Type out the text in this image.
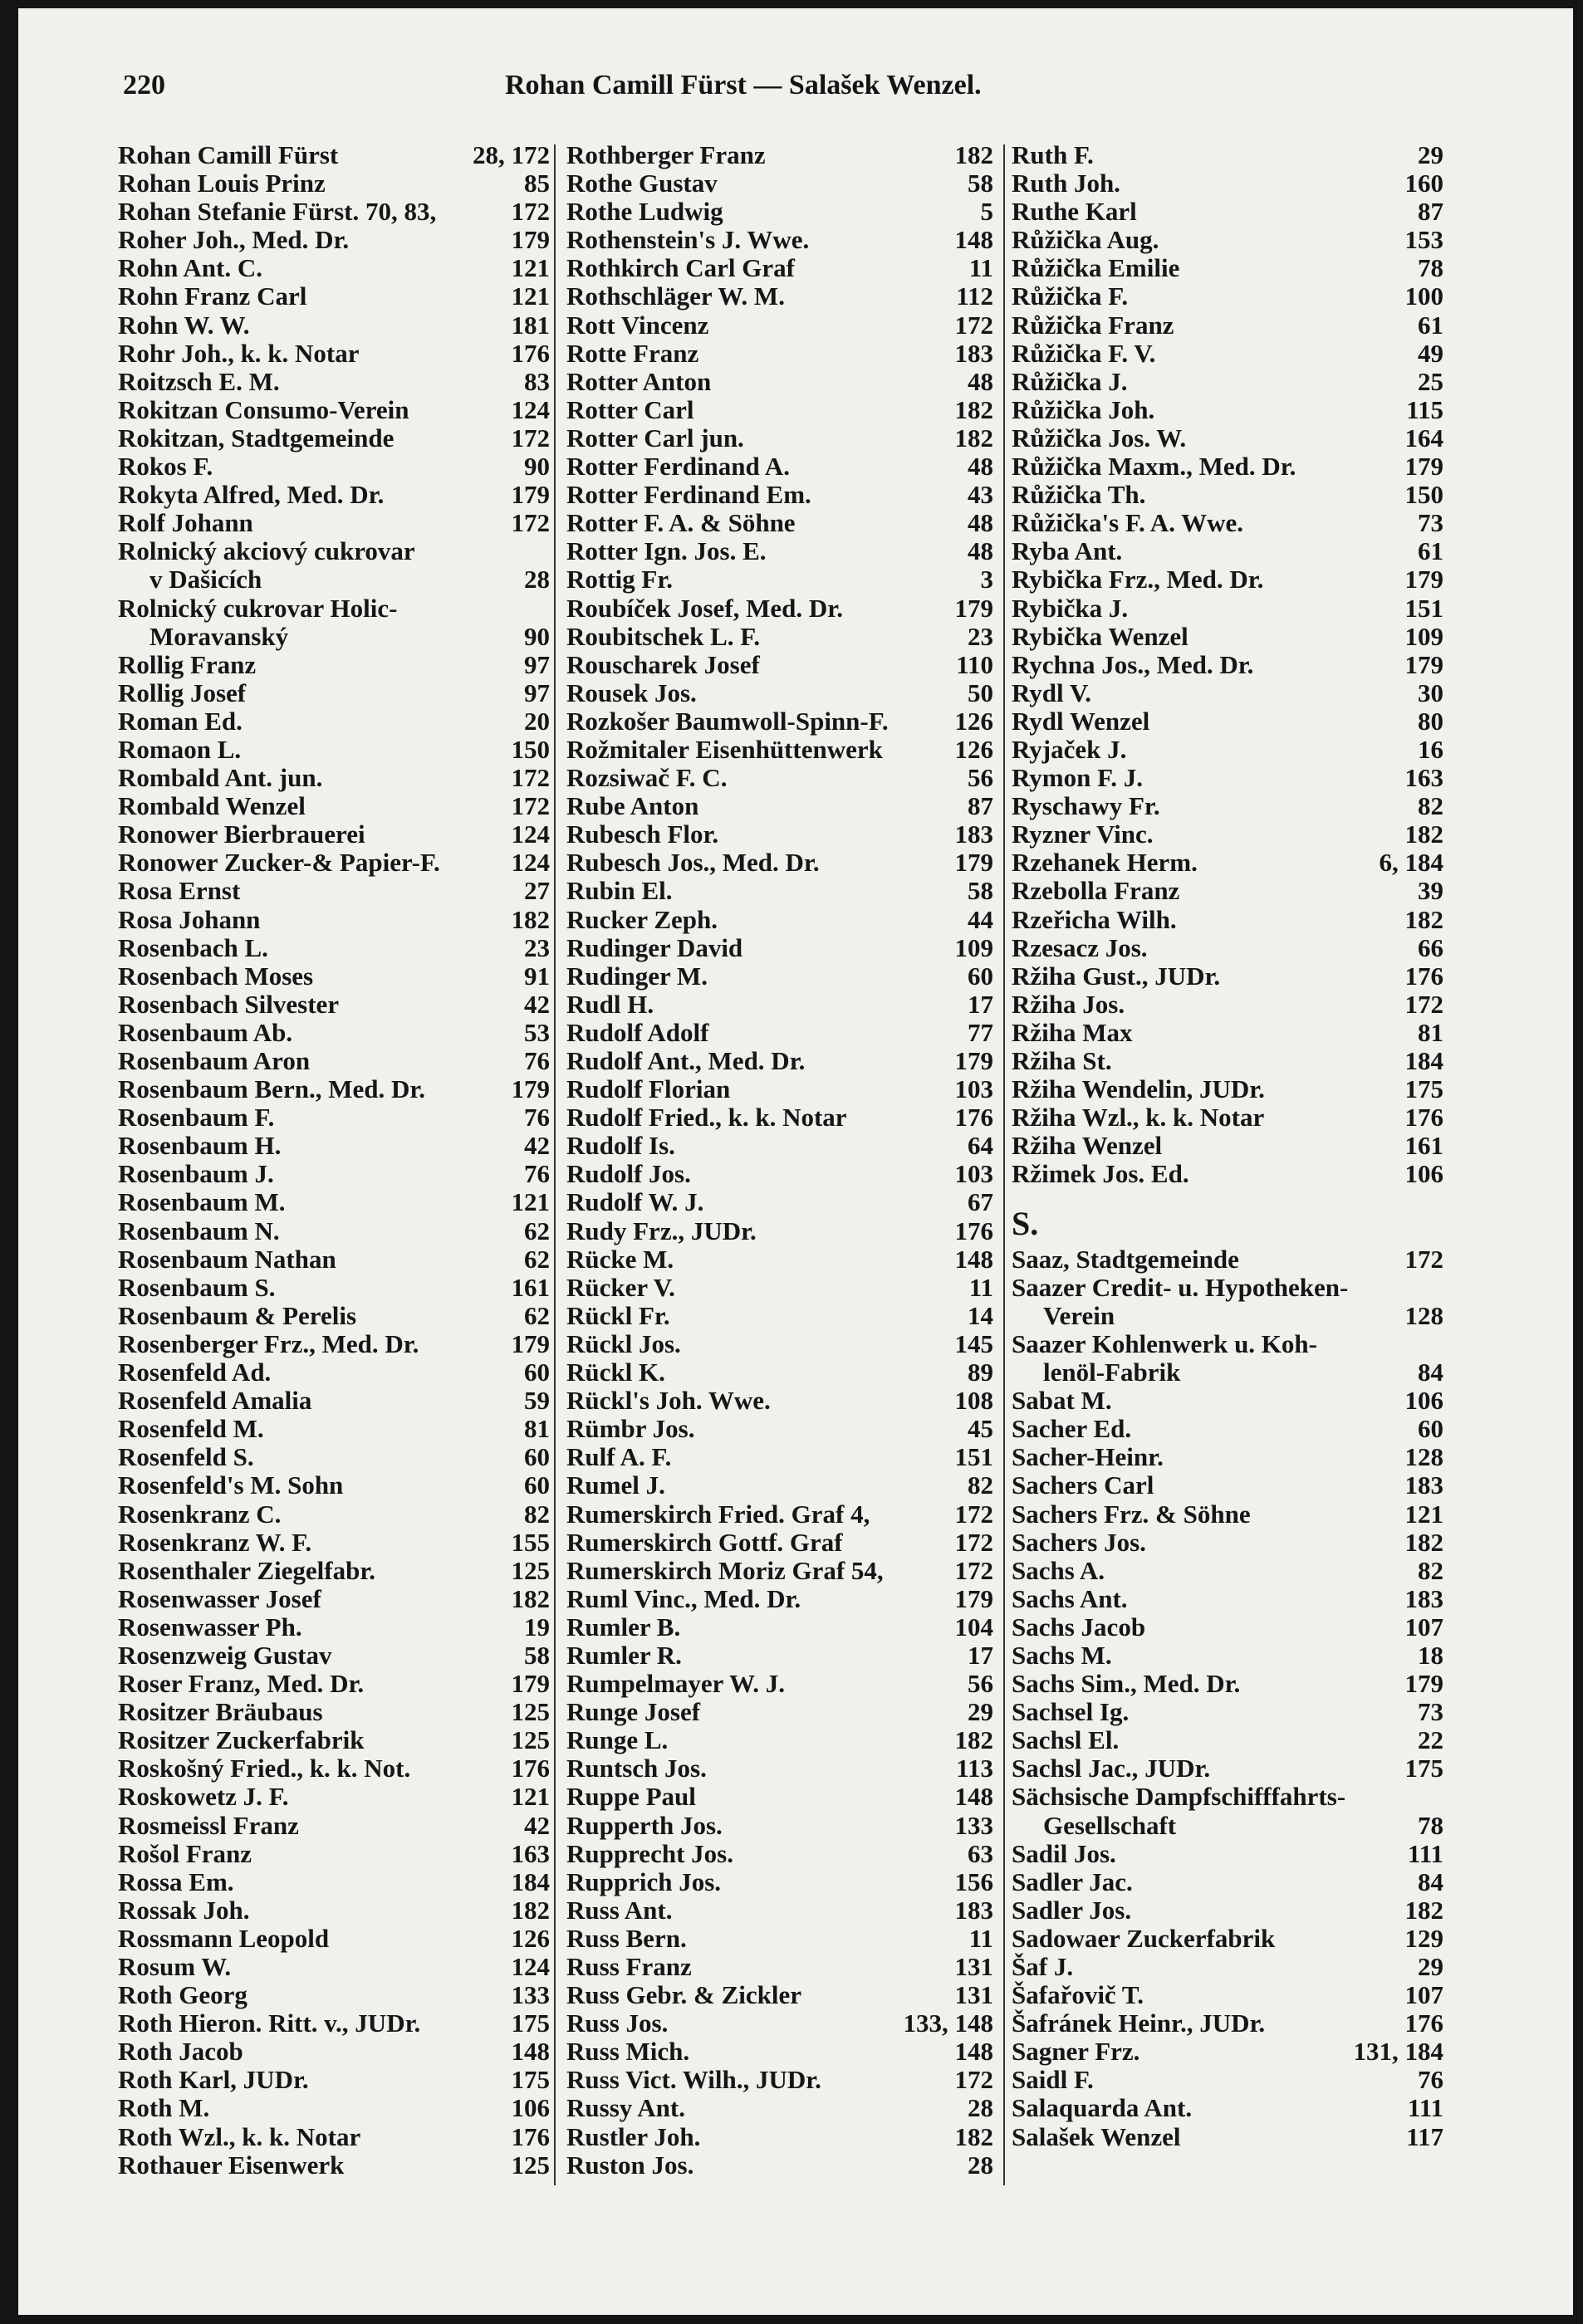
220	Rohan Camill Fürst — Salašek Wenzel.
Rohan Camill Fürst	28, 172
Rohan Louis Prinz	85
Rohan Stefanie Fürst. 70, 83,	172
Roher Joh., Med. Dr.	179
Rohn Ant. C.	121
Rohn Franz Carl	121
Rohn W. W.	181
Rohr Joh., k. k. Notar	176
Roitzsch E. M.	83
Rokitzan Consumo-Verein	124
Rokitzan, Stadtgemeinde	172
Rokos F.	90
Rokyta Alfred, Med. Dr.	179
Rolf Johann	172
Rolnický akciový cukrovar
v Dašicích	28
Rolnický cukrovar Holic-
Moravanský	90
Rollig Franz	97
Rollig Josef	97
Roman Ed.	20
Romaon L.	150
Rombald Ant. jun.	172
Rombald Wenzel	172
Ronower Bierbrauerei	124
Ronower Zucker-& Papier-F.	124
Rosa Ernst	27
Rosa Johann	182
Rosenbach L.	23
Rosenbach Moses	91
Rosenbach Silvester	42
Rosenbaum Ab.	53
Rosenbaum Aron	76
Rosenbaum Bern., Med. Dr.	179
Rosenbaum F.	76
Rosenbaum H.	42
Rosenbaum J.	76
Rosenbaum M.	121
Rosenbaum N.	62
Rosenbaum Nathan	62
Rosenbaum S.	161
Rosenbaum & Perelis	62
Rosenberger Frz., Med. Dr.	179
Rosenfeld Ad.	60
Rosenfeld Amalia	59
Rosenfeld M.	81
Rosenfeld S.	60
Rosenfeld's M. Sohn	60
Rosenkranz C.	82
Rosenkranz W. F.	155
Rosenthaler Ziegelfabr.	125
Rosenwasser Josef	182
Rosenwasser Ph.	19
Rosenzweig Gustav	58
Roser Franz, Med. Dr.	179
Rositzer Bräubaus	125
Rositzer Zuckerfabrik	125
Roskošný Fried., k. k. Not.	176
Roskowetz J. F.	121
Rosmeissl Franz	42
Rošol Franz	163
Rossa Em.	184
Rossak Joh.	182
Rossmann Leopold	126
Rosum W.	124
Roth Georg	133
Roth Hieron. Ritt. v., JUDr.	175
Roth Jacob	148
Roth Karl, JUDr.	175
Roth M.	106
Roth Wzl., k. k. Notar	176
Rothauer Eisenwerk	125
Rothberger Franz	182
Rothe Gustav	58
Rothe Ludwig	5
Rothenstein's J. Wwe.	148
Rothkirch Carl Graf	11
Rothschläger W. M.	112
Rott Vincenz	172
Rotte Franz	183
Rotter Anton	48
Rotter Carl	182
Rotter Carl jun.	182
Rotter Ferdinand A.	48
Rotter Ferdinand Em.	43
Rotter F. A. & Söhne	48
Rotter Ign. Jos. E.	48
Rottig Fr.	3
Roubíček Josef, Med. Dr.	179
Roubitschek L. F.	23
Rouscharek Josef	110
Rousek Jos.	50
Rozkošer Baumwoll-Spinn-F.	126
Rožmitaler Eisenhüttenwerk	126
Rozsiwač F. C.	56
Rube Anton	87
Rubesch Flor.	183
Rubesch Jos., Med. Dr.	179
Rubin El.	58
Rucker Zeph.	44
Rudinger David	109
Rudinger M.	60
Rudl H.	17
Rudolf Adolf	77
Rudolf Ant., Med. Dr.	179
Rudolf Florian	103
Rudolf Fried., k. k. Notar	176
Rudolf Is.	64
Rudolf Jos.	103
Rudolf W. J.	67
Rudy Frz., JUDr.	176
Rücke M.	148
Rücker V.	11
Rückl Fr.	14
Rückl Jos.	145
Rückl K.	89
Rückl's Joh. Wwe.	108
Rümbr Jos.	45
Rulf A. F.	151
Rumel J.	82
Rumerskirch Fried. Graf 4,	172
Rumerskirch Gottf. Graf	172
Rumerskirch Moriz Graf 54,	172
Ruml Vinc., Med. Dr.	179
Rumler B.	104
Rumler R.	17
Rumpelmayer W. J.	56
Runge Josef	29
Runge L.	182
Runtsch Jos.	113
Ruppe Paul	148
Rupperth Jos.	133
Rupprecht Jos.	63
Rupprich Jos.	156
Russ Ant.	183
Russ Bern.	11
Russ Franz	131
Russ Gebr. & Zickler	131
Russ Jos.	133, 148
Russ Mich.	148
Russ Vict. Wilh., JUDr.	172
Russy Ant.	28
Rustler Joh.	182
Ruston Jos.	28
Ruth F.	29
Ruth Joh.	160
Ruthe Karl	87
Růžička Aug.	153
Růžička Emilie	78
Růžička F.	100
Růžička Franz	61
Růžička F. V.	49
Růžička J.	25
Růžička Joh.	115
Růžička Jos. W.	164
Růžička Maxm., Med. Dr.	179
Růžička Th.	150
Růžička's F. A. Wwe.	73
Ryba Ant.	61
Rybička Frz., Med. Dr.	179
Rybička J.	151
Rybička Wenzel	109
Rychna Jos., Med. Dr.	179
Rydl V.	30
Rydl Wenzel	80
Ryjaček J.	16
Rymon F. J.	163
Ryschawy Fr.	82
Ryzner Vinc.	182
Rzehanek Herm.	6, 184
Rzebolla Franz	39
Rzeřicha Wilh.	182
Rzesacz Jos.	66
Ržiha Gust., JUDr.	176
Ržiha Jos.	172
Ržiha Max	81
Ržiha St.	184
Ržiha Wendelin, JUDr.	175
Ržiha Wzl., k. k. Notar	176
Ržiha Wenzel	161
Ržimek Jos. Ed.	106
S.
Saaz, Stadtgemeinde	172
Saazer Credit- u. Hypotheken-
Verein	128
Saazer Kohlenwerk u. Koh-
lenöl-Fabrik	84
Sabat M.	106
Sacher Ed.	60
Sacher-Heinr.	128
Sachers Carl	183
Sachers Frz. & Söhne	121
Sachers Jos.	182
Sachs A.	82
Sachs Ant.	183
Sachs Jacob	107
Sachs M.	18
Sachs Sim., Med. Dr.	179
Sachsel Ig.	73
Sachsl El.	22
Sachsl Jac., JUDr.	175
Sächsische Dampfschifffahrts-
Gesellschaft	78
Sadil Jos.	111
Sadler Jac.	84
Sadler Jos.	182
Sadowaer Zuckerfabrik	129
Šaf J.	29
Šafařovič T.	107
Šafránek Heinr., JUDr.	176
Sagner Frz.	131, 184
Saidl F.	76
Salaquarda Ant.	111
Salašek Wenzel	117
